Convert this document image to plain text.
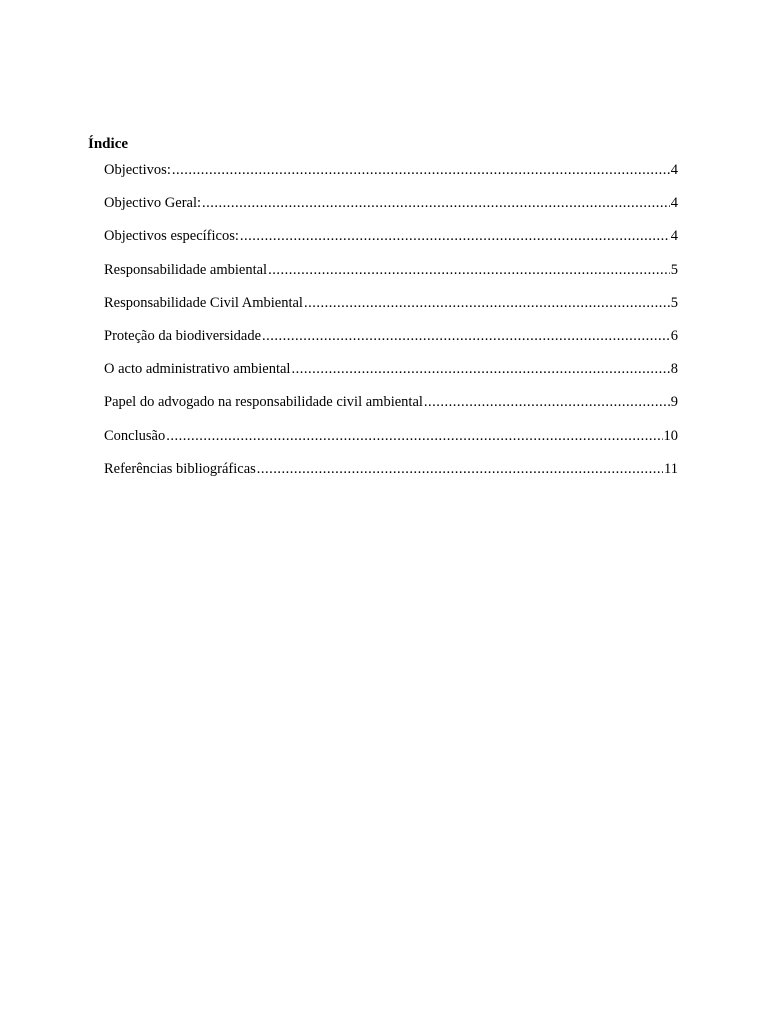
Índice
Objectivos: .....	4
Objectivo Geral: .....	4
Objectivos específicos: .....	4
Responsabilidade ambiental .....	5
Responsabilidade Civil Ambiental .....	5
Proteção da biodiversidade .....	6
O acto administrativo ambiental .....	8
Papel do advogado na responsabilidade civil ambiental .....	9
Conclusão .....	10
Referências bibliográficas .....	11
